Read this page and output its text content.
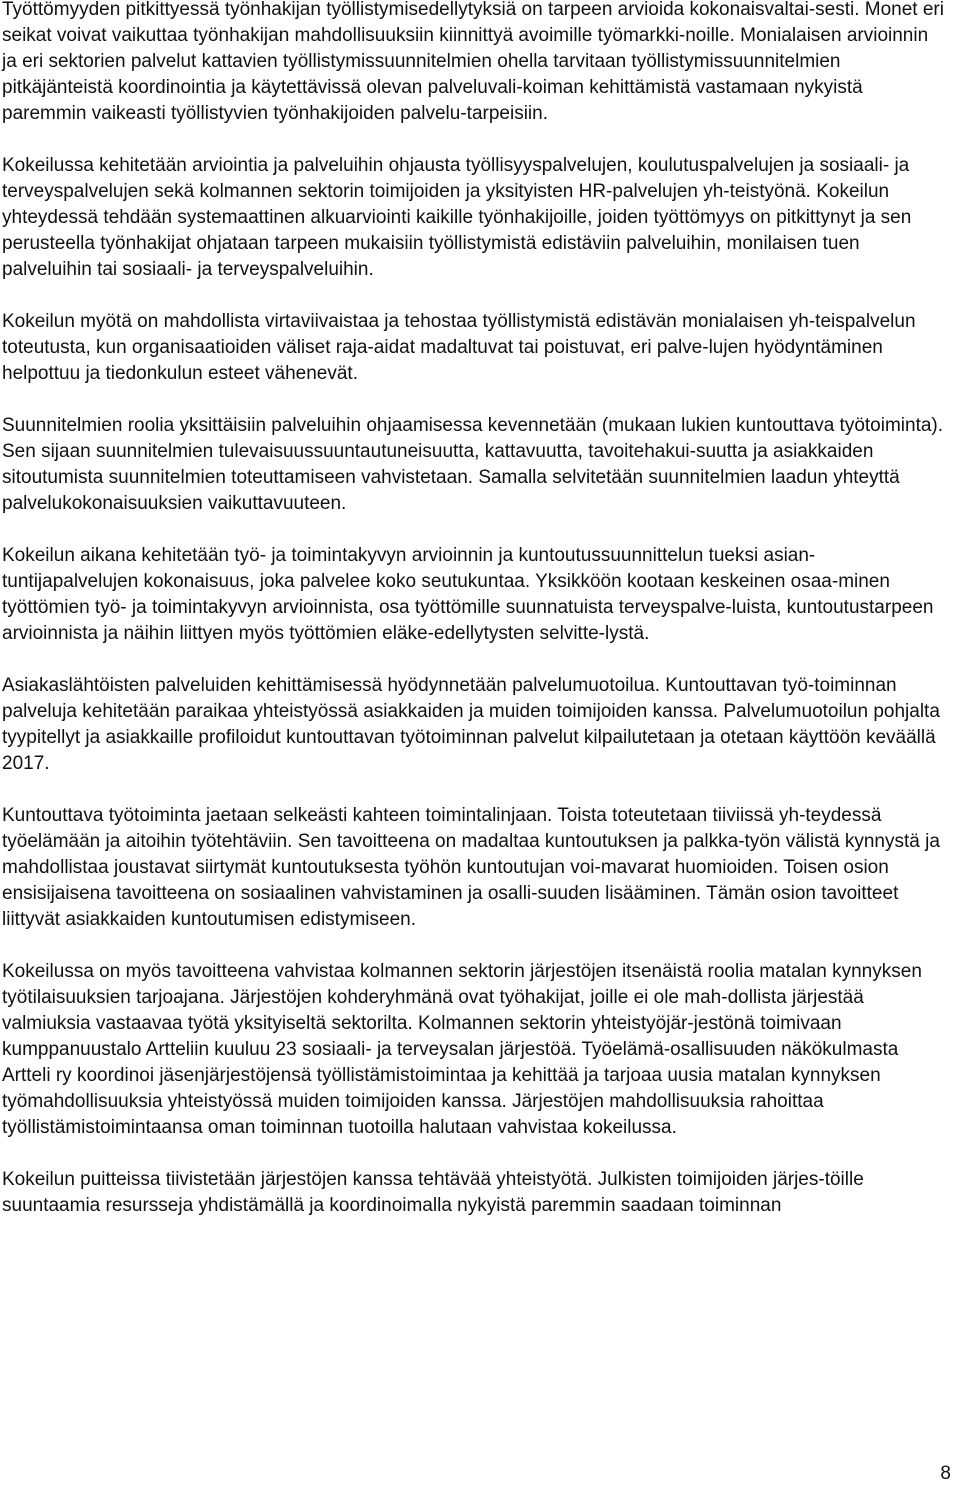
Työttömyyden pitkittyessä työnhakijan työllistymisedellytyksiä on tarpeen arvioida kokonaisvaltai-sesti. Monet eri seikat voivat vaikuttaa työnhakijan mahdollisuuksiin kiinnittyä avoimille työmarkki-noille. Monialaisen arvioinnin ja eri sektorien palvelut kattavien työllistymissuunnitelmien ohella tarvitaan työllistymissuunnitelmien pitkäjänteistä koordinointia ja käytettävissä olevan palveluvali-koiman kehittämistä vastamaan nykyistä paremmin vaikeasti työllistyvien työnhakijoiden palvelu-tarpeisiin.

Kokeilussa kehitetään arviointia ja palveluihin ohjausta työllisyyspalvelujen, koulutuspalvelujen ja sosiaali- ja terveyspalvelujen sekä kolmannen sektorin toimijoiden ja yksityisten HR-palvelujen yh-teistyönä. Kokeilun yhteydessä tehdään systemaattinen alkuarviointi kaikille työnhakijoille, joiden työttömyys on pitkittynyt ja sen perusteella työnhakijat ohjataan tarpeen mukaisiin työllistymistä edistäviin palveluihin, monilaisen tuen palveluihin tai sosiaali- ja terveyspalveluihin.

Kokeilun myötä on mahdollista virtaviivaistaa ja tehostaa työllistymistä edistävän monialaisen yh-teispalvelun toteutusta, kun organisaatioiden väliset raja-aidat madaltuvat tai poistuvat, eri palve-lujen hyödyntäminen helpottuu ja tiedonkulun esteet vähenevät.

Suunnitelmien roolia yksittäisiin palveluihin ohjaamisessa kevennetään (mukaan lukien kuntouttava työtoiminta). Sen sijaan suunnitelmien tulevaisuussuuntautuneisuutta, kattavuutta, tavoitehakui-suutta ja asiakkaiden sitoutumista suunnitelmien toteuttamiseen vahvistetaan. Samalla selvitetään suunnitelmien laadun yhteyttä palvelukokonaisuuksien vaikuttavuuteen.

Kokeilun aikana kehitetään työ- ja toimintakyvyn arvioinnin ja kuntoutussuunnittelun tueksi asian-tuntijapalvelujen kokonaisuus, joka palvelee koko seutukuntaa. Yksikköön kootaan keskeinen osaa-minen työttömien työ- ja toimintakyvyn arvioinnista, osa työttömille suunnatuista terveyspalve-luista, kuntoutustarpeen arvioinnista ja näihin liittyen myös työttömien eläke-edellytysten selvitte-lystä.

Asiakaslähtöisten palveluiden kehittämisessä hyödynnetään palvelumuotoilua. Kuntouttavan työ-toiminnan palveluja kehitetään paraikaa yhteistyössä asiakkaiden ja muiden toimijoiden kanssa. Palvelumuotoilun pohjalta tyypitellyt ja asiakkaille profiloidut kuntouttavan työtoiminnan palvelut kilpailutetaan ja otetaan käyttöön keväällä 2017.

Kuntouttava työtoiminta jaetaan selkeästi kahteen toimintalinjaan. Toista toteutetaan tiiviissä yh-teydessä työelämään ja aitoihin työtehtäviin. Sen tavoitteena on madaltaa kuntoutuksen ja palkka-työn välistä kynnystä ja mahdollistaa joustavat siirtymät kuntoutuksesta työhön kuntoutujan voi-mavarat huomioiden. Toisen osion ensisijaisena tavoitteena on sosiaalinen vahvistaminen ja osalli-suuden lisääminen. Tämän osion tavoitteet liittyvät asiakkaiden kuntoutumisen edistymiseen.

Kokeilussa on myös tavoitteena vahvistaa kolmannen sektorin järjestöjen itsenäistä roolia matalan kynnyksen työtilaisuuksien tarjoajana. Järjestöjen kohderyhmänä ovat työhakijat, joille ei ole mah-dollista järjestää valmiuksia vastaavaa työtä yksityiseltä sektorilta. Kolmannen sektorin yhteistyöjär-jestönä toimivaan kumppanuustalo Artteliin kuuluu 23 sosiaali- ja terveysalan järjestöä. Työelämä-osallisuuden näkökulmasta Artteli ry koordinoi jäsenjärjestöjensä työllistämistoimintaa ja kehittää ja tarjoaa uusia matalan kynnyksen työmahdollisuuksia yhteistyössä muiden toimijoiden kanssa. Järjestöjen mahdollisuuksia rahoittaa työllistämistoimintaansa oman toiminnan tuotoilla halutaan vahvistaa kokeilussa.

Kokeilun puitteissa tiivistetään järjestöjen kanssa tehtävää yhteistyötä. Julkisten toimijoiden järjes-töille suuntaamia resursseja yhdistämällä ja koordinoimalla nykyistä paremmin saadaan toiminnan

8
